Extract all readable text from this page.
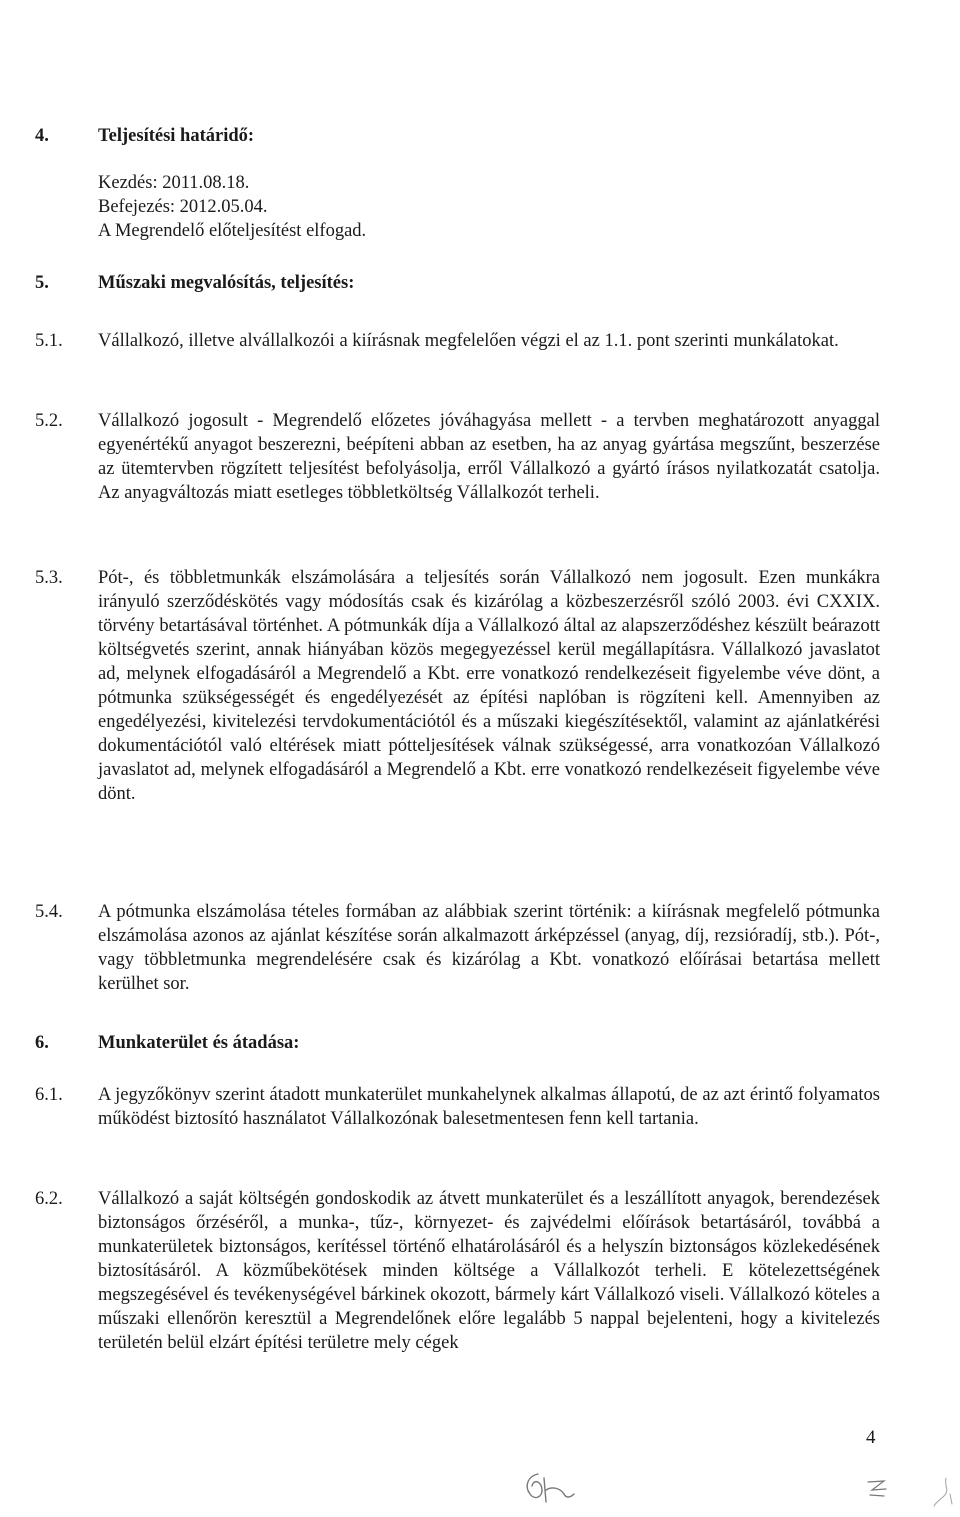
4.	Teljesítési határidő:
Kezdés: 2011.08.18.
Befejezés: 2012.05.04.
A Megrendelő előteljesítést elfogad.
5.	Műszaki megvalósítás, teljesítés:
5.1. Vállalkozó, illetve alvállalkozói a kiírásnak megfelelően végzi el az 1.1. pont szerinti munkálatokat.
5.2. Vállalkozó jogosult - Megrendelő előzetes jóváhagyása mellett - a tervben meghatározott anyaggal egyenértékű anyagot beszerezni, beépíteni abban az esetben, ha az anyag gyártása megszűnt, beszerzése az ütemtervben rögzített teljesítést befolyásolja, erről Vállalkozó a gyártó írásos nyilatkozatát csatolja. Az anyagváltozás miatt esetleges többletköltség Vállalkozót terheli.
5.3. Pót-, és többletmunkák elszámolására a teljesítés során Vállalkozó nem jogosult. Ezen munkákra irányuló szerződéskötés vagy módosítás csak és kizárólag a közbeszerzésről szóló 2003. évi CXXIX. törvény betartásával történhet. A pótmunkák díja a Vállalkozó által az alapszerződéshez készült beárazott költségvetés szerint, annak hiányában közös megegyezéssel kerül megállapításra. Vállalkozó javaslatot ad, melynek elfogadásáról a Megrendelő a Kbt. erre vonatkozó rendelkezéseit figyelembe véve dönt, a pótmunka szükségességét és engedélyezését az építési naplóban is rögzíteni kell. Amennyiben az engedélyezési, kivitelezési tervdokumentációtól és a műszaki kiegészítésektől, valamint az ajánlatkérési dokumentációtól való eltérések miatt pótteljesítések válnak szükségessé, arra vonatkozóan Vállalkozó javaslatot ad, melynek elfogadásáról a Megrendelő a Kbt. erre vonatkozó rendelkezéseit figyelembe véve dönt.
5.4. A pótmunka elszámolása tételes formában az alábbiak szerint történik: a kiírásnak megfelelő pótmunka elszámolása azonos az ajánlat készítése során alkalmazott árképzéssel (anyag, díj, rezsióradíj, stb.). Pót-, vagy többletmunka megrendelésére csak és kizárólag a Kbt. vonatkozó előírásai betartása mellett kerülhet sor.
6.	Munkaterület és átadása:
6.1. A jegyzőkönyv szerint átadott munkaterület munkahelynek alkalmas állapotú, de az azt érintő folyamatos működést biztosító használatot Vállalkozónak balesetmentesen fenn kell tartania.
6.2. Vállalkozó a saját költségén gondoskodik az átvett munkaterület és a leszállított anyagok, berendezések biztonságos őrzéséről, a munka-, tűz-, környezet- és zajvédelmi előírások betartásáról, továbbá a munkaterületek biztonságos, kerítéssel történő elhatárolásáról és a helyszín biztonságos közlekedésének biztosításáról. A közműbekötések minden költsége a Vállalkozót terheli. E kötelezettségének megszegésével és tevékenységével bárkinek okozott, bármely kárt Vállalkozó viseli. Vállalkozó köteles a műszaki ellenőrön keresztül a Megrendelőnek előre legalább 5 nappal bejelenteni, hogy a kivitelezés területén belül elzárt építési területre mely cégek
4
